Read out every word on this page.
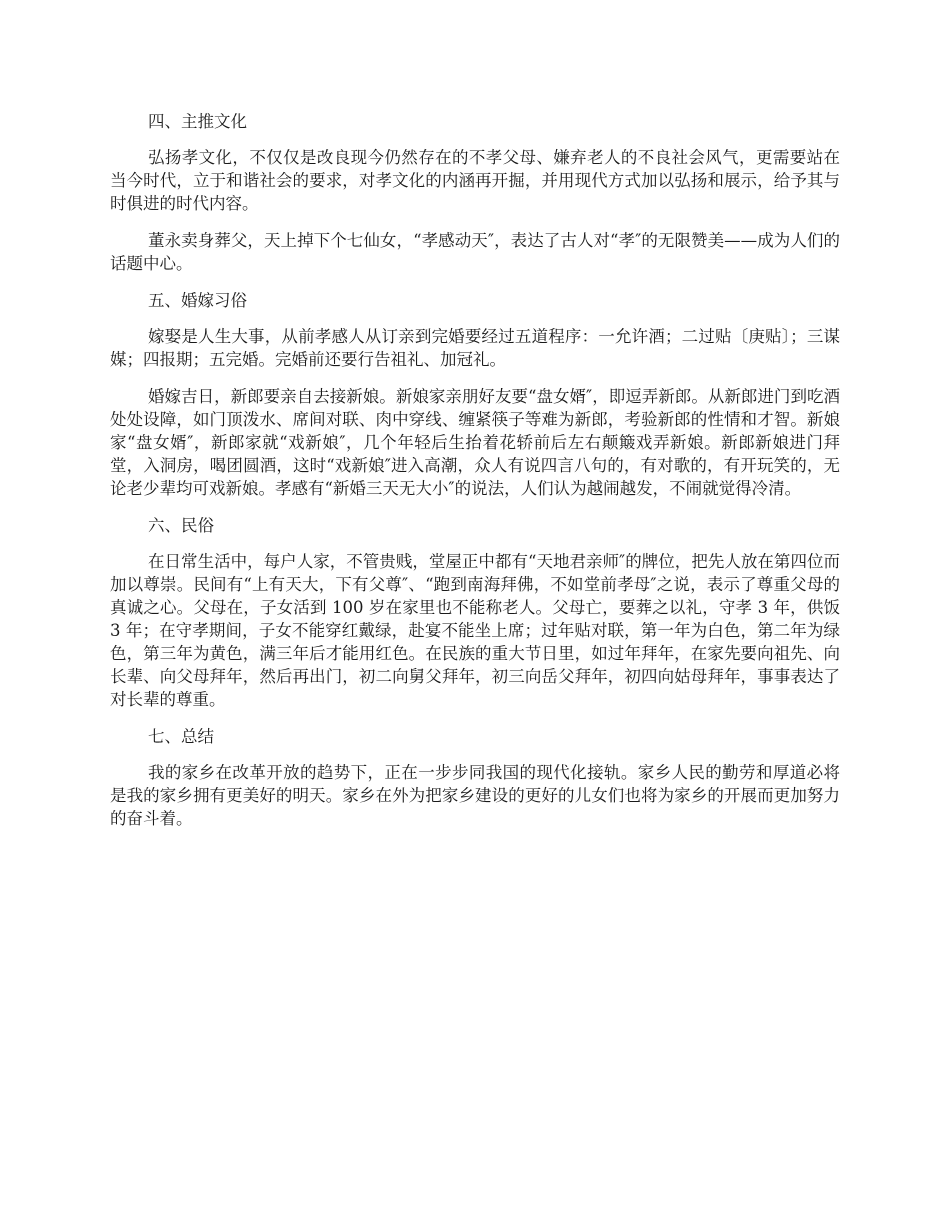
四、主推文化

弘扬孝文化，不仅仅是改良现今仍然存在的不孝父母、嫌弃老人的不良社会风气，更需要站在当今时代，立于和谐社会的要求，对孝文化的内涵再开掘，并用现代方式加以弘扬和展示，给予其与时俱进的时代内容。

董永卖身葬父，天上掉下个七仙女，“孝感动天″，表达了古人对“孝″的无限赞美——成为人们的话题中心。

五、婚嫁习俗

嫁娶是人生大事，从前孝感人从订亲到完婚要经过五道程序：一允许酒；二过贴〔庚贴〕；三谋媒；四报期；五完婚。完婚前还要行告祖礼、加冠礼。

婚嫁吉日，新郎要亲自去接新娘。新娘家亲朋好友要“盘女婿″，即逗弄新郎。从新郎进门到吃酒处处设障，如门顶泼水、席间对联、肉中穿线、缠紧筷子等难为新郎，考验新郎的性情和才智。新娘家“盘女婿″，新郎家就“戏新娘″，几个年轻后生抬着花轿前后左右颠簸戏弄新娘。新郎新娘进门拜堂，入洞房，喝团圆酒，这时“戏新娘″进入高潮，众人有说四言八句的，有对歌的，有开玩笑的，无论老少辈均可戏新娘。孝感有“新婚三天无大小″的说法，人们认为越闹越发，不闹就觉得冷清。

六、民俗

在日常生活中，每户人家，不管贵贱，堂屋正中都有“天地君亲师″的牌位，把先人放在第四位而加以尊崇。民间有“上有天大，下有父尊″、“跑到南海拜佛，不如堂前孝母″之说，表示了尊重父母的真诚之心。父母在，子女活到 100 岁在家里也不能称老人。父母亡，要葬之以礼，守孝 3 年，供饭 3 年；在守孝期间，子女不能穿红戴绿，赴宴不能坐上席；过年贴对联，第一年为白色，第二年为绿色，第三年为黄色，满三年后才能用红色。在民族的重大节日里，如过年拜年，在家先要向祖先、向长辈、向父母拜年，然后再出门，初二向舅父拜年，初三向岳父拜年，初四向姑母拜年，事事表达了对长辈的尊重。

七、总结

我的家乡在改革开放的趋势下，正在一步步同我国的现代化接轨。家乡人民的勤劳和厚道必将是我的家乡拥有更美好的明天。家乡在外为把家乡建设的更好的儿女们也将为家乡的开展而更加努力的奋斗着。
